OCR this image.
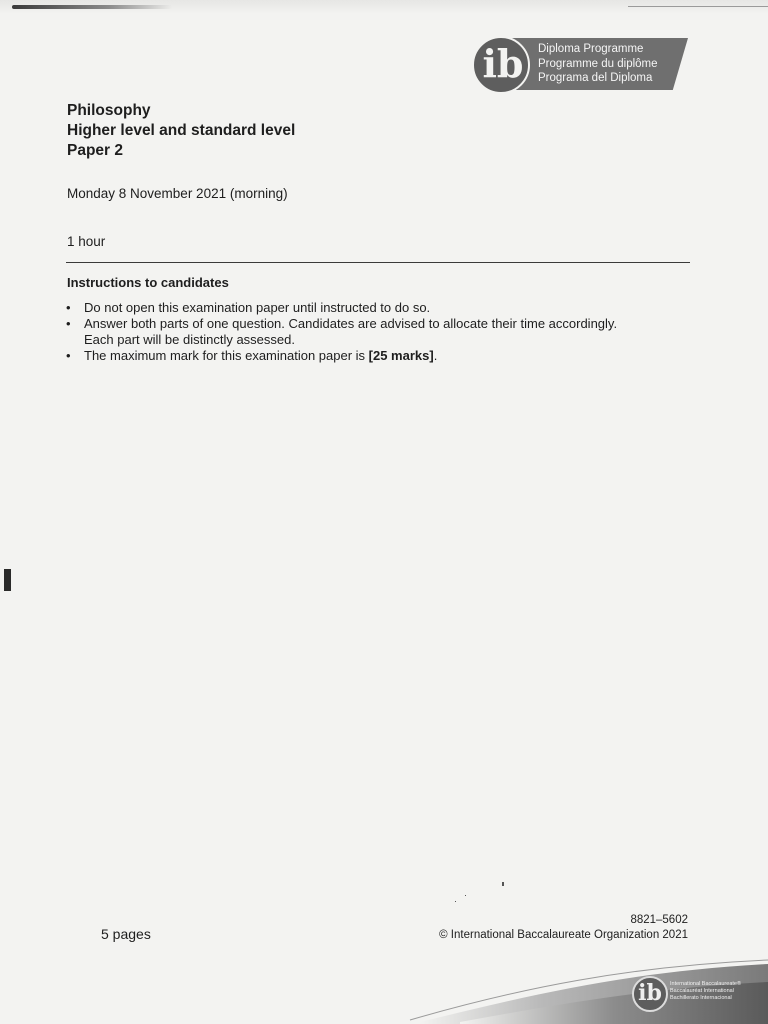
ib Diploma Programme
Programme du diplôme
Programa del Diploma
Philosophy
Higher level and standard level
Paper 2
Monday 8 November 2021 (morning)
1 hour
Instructions to candidates
•	Do not open this examination paper until instructed to do so.
•	Answer both parts of one question. Candidates are advised to allocate their time accordingly.
Each part will be distinctly assessed.
•	The maximum mark for this examination paper is [25 marks].
5 pages
8821–5602
© International Baccalaureate Organization 2021
ib	International Baccalaureate®
Baccalauréat International
Bachillerato Internacional
